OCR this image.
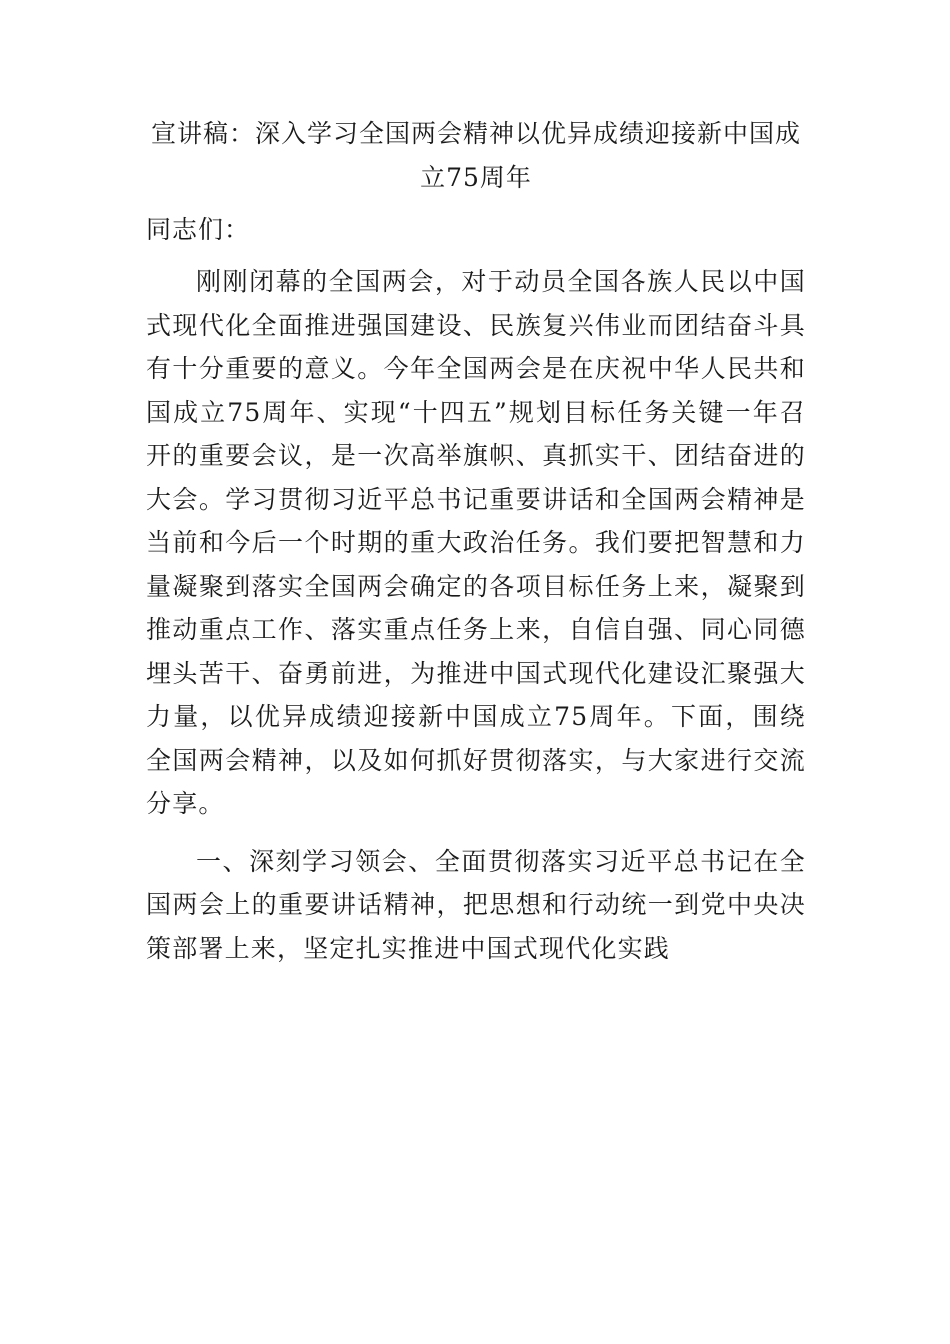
宣讲稿：深入学习全国两会精神以优异成绩迎接新中国成
立75周年
同志们：

刚刚闭幕的全国两会，对于动员全国各族人民以中国式现代化全面推进强国建设、民族复兴伟业而团结奋斗具有十分重要的意义。今年全国两会是在庆祝中华人民共和国成立75周年、实现“十四五”规划目标任务关键一年召开的重要会议，是一次高举旗帜、真抓实干、团结奋进的大会。学习贯彻习近平总书记重要讲话和全国两会精神是当前和今后一个时期的重大政治任务。我们要把智慧和力量凝聚到落实全国两会确定的各项目标任务上来，凝聚到推动重点工作、落实重点任务上来，自信自强、同心同德埋头苦干、奋勇前进，为推进中国式现代化建设汇聚强大力量，以优异成绩迎接新中国成立75周年。下面，围绕全国两会精神，以及如何抓好贯彻落实，与大家进行交流分享。

一、深刻学习领会、全面贯彻落实习近平总书记在全国两会上的重要讲话精神，把思想和行动统一到党中央决策部署上来，坚定扎实推进中国式现代化实践
